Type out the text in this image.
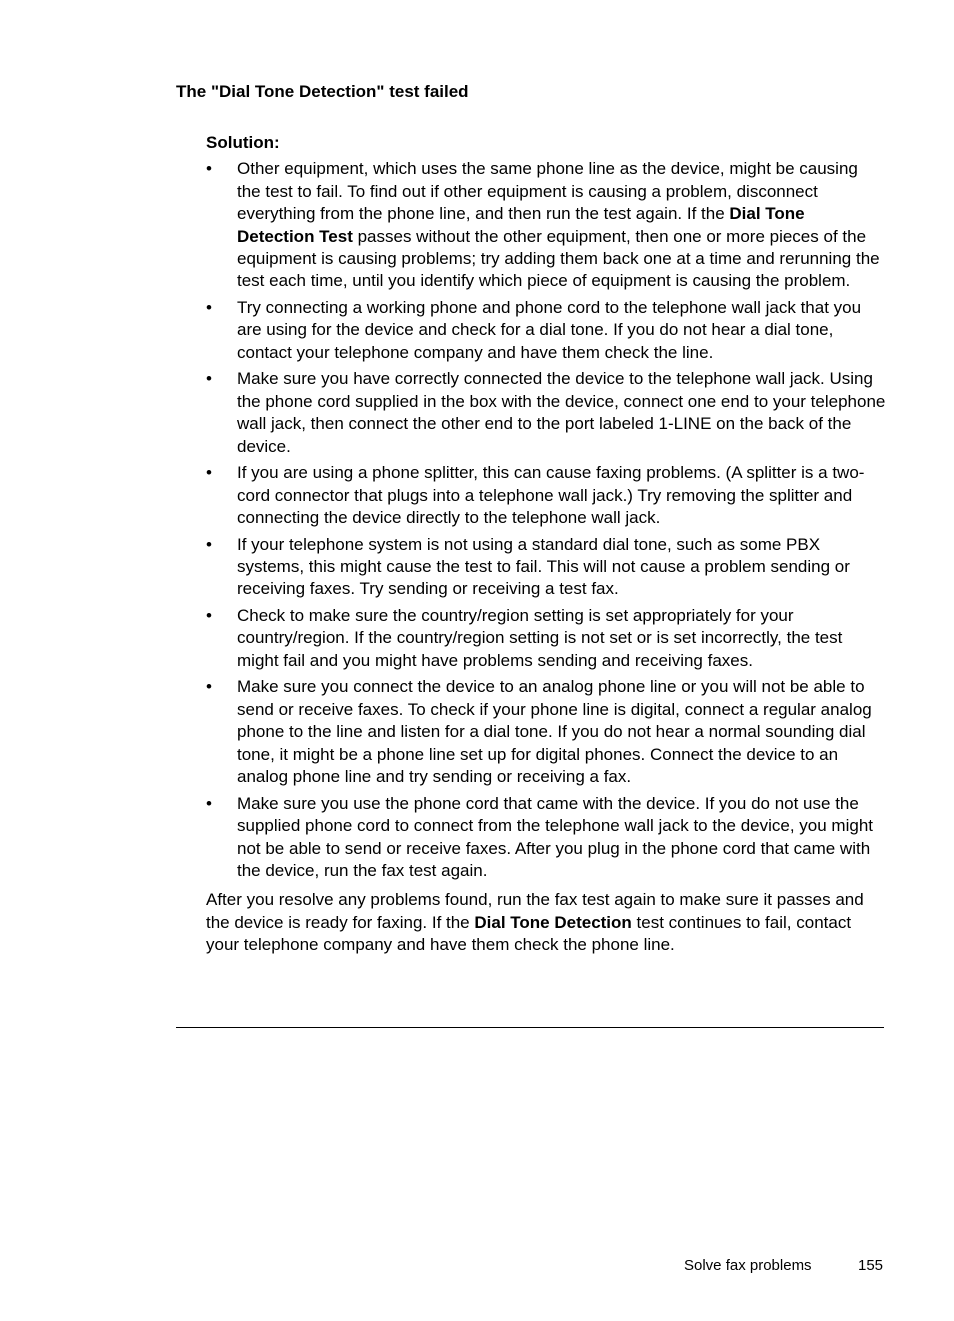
The "Dial Tone Detection" test failed

Solution:

•	Other equipment, which uses the same phone line as the device, might be causing the test to fail. To find out if other equipment is causing a problem, disconnect everything from the phone line, and then run the test again. If the Dial Tone Detection Test passes without the other equipment, then one or more pieces of the equipment is causing problems; try adding them back one at a time and rerunning the test each time, until you identify which piece of equipment is causing the problem.
•	Try connecting a working phone and phone cord to the telephone wall jack that you are using for the device and check for a dial tone. If you do not hear a dial tone, contact your telephone company and have them check the line.
•	Make sure you have correctly connected the device to the telephone wall jack. Using the phone cord supplied in the box with the device, connect one end to your telephone wall jack, then connect the other end to the port labeled 1-LINE on the back of the device.
•	If you are using a phone splitter, this can cause faxing problems. (A splitter is a two-cord connector that plugs into a telephone wall jack.) Try removing the splitter and connecting the device directly to the telephone wall jack.
•	If your telephone system is not using a standard dial tone, such as some PBX systems, this might cause the test to fail. This will not cause a problem sending or receiving faxes. Try sending or receiving a test fax.
•	Check to make sure the country/region setting is set appropriately for your country/region. If the country/region setting is not set or is set incorrectly, the test might fail and you might have problems sending and receiving faxes.
•	Make sure you connect the device to an analog phone line or you will not be able to send or receive faxes. To check if your phone line is digital, connect a regular analog phone to the line and listen for a dial tone. If you do not hear a normal sounding dial tone, it might be a phone line set up for digital phones. Connect the device to an analog phone line and try sending or receiving a fax.
•	Make sure you use the phone cord that came with the device. If you do not use the supplied phone cord to connect from the telephone wall jack to the device, you might not be able to send or receive faxes. After you plug in the phone cord that came with the device, run the fax test again.

After you resolve any problems found, run the fax test again to make sure it passes and the device is ready for faxing. If the Dial Tone Detection test continues to fail, contact your telephone company and have them check the phone line.

Solve fax problems	155
